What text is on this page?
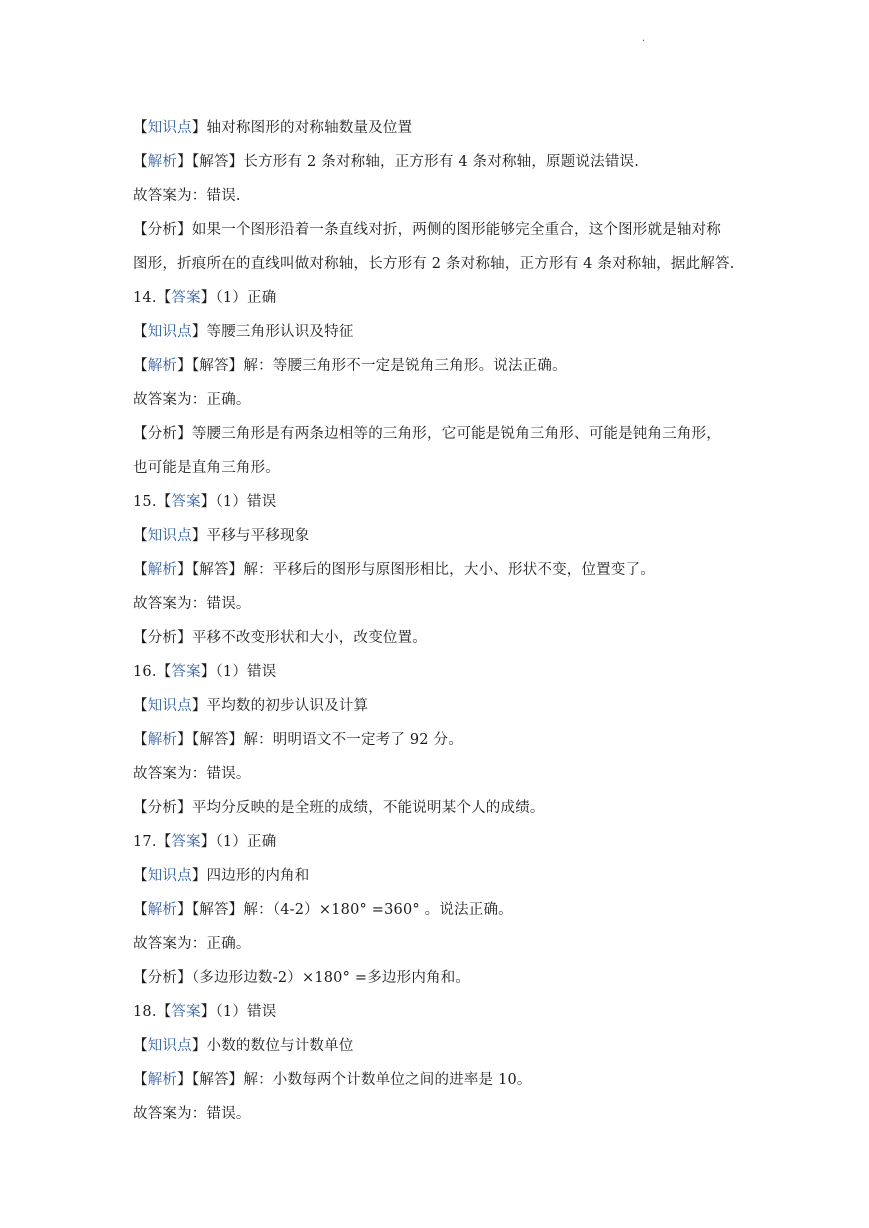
.
【知识点】轴对称图形的对称轴数量及位置
【解析】【解答】长方形有 2 条对称轴，正方形有 4 条对称轴，原题说法错误.
故答案为：错误.
【分析】如果一个图形沿着一条直线对折，两侧的图形能够完全重合，这个图形就是轴对称
图形，折痕所在的直线叫做对称轴，长方形有 2 条对称轴，正方形有 4 条对称轴，据此解答.
14.【答案】（1）正确
【知识点】等腰三角形认识及特征
【解析】【解答】解：等腰三角形不一定是锐角三角形。说法正确。
故答案为：正确。
【分析】等腰三角形是有两条边相等的三角形，它可能是锐角三角形、可能是钝角三角形，
也可能是直角三角形。
15.【答案】（1）错误
【知识点】平移与平移现象
【解析】【解答】解：平移后的图形与原图形相比，大小、形状不变，位置变了。
故答案为：错误。
【分析】平移不改变形状和大小，改变位置。
16.【答案】（1）错误
【知识点】平均数的初步认识及计算
【解析】【解答】解：明明语文不一定考了 92 分。
故答案为：错误。
【分析】平均分反映的是全班的成绩，不能说明某个人的成绩。
17.【答案】（1）正确
【知识点】四边形的内角和
【解析】【解答】解：（4-2）×180° =360° 。说法正确。
故答案为：正确。
【分析】（多边形边数-2）×180° =多边形内角和。
18.【答案】（1）错误
【知识点】小数的数位与计数单位
【解析】【解答】解：小数每两个计数单位之间的进率是 10。
故答案为：错误。
